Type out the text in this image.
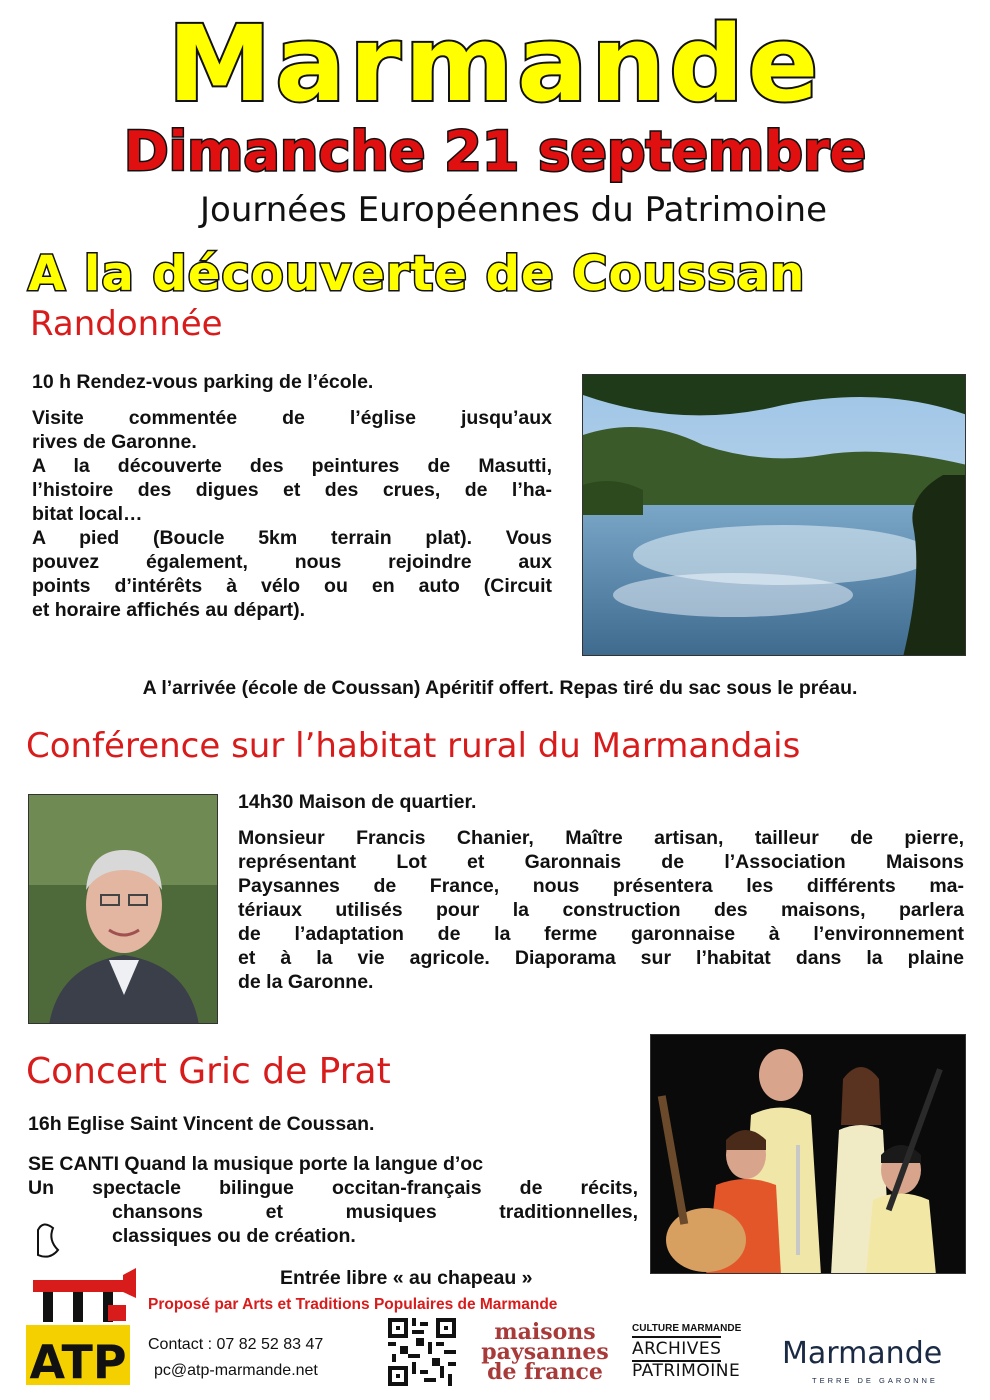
Marmande
Dimanche 21 septembre
Journées Européennes du Patrimoine
A la découverte de Coussan
Randonnée
10 h Rendez-vous parking de l’école.
Visite commentée de l’église jusqu’aux
rives de Garonne.
A la découverte des peintures de Masutti,
l’histoire des digues et des crues, de l’ha-
bitat local…
A pied (Boucle 5km terrain plat). Vous
pouvez également, nous rejoindre aux
points d’intérêts à vélo ou en auto (Circuit
et horaire affichés au départ).
A l’arrivée (école de Coussan) Apéritif offert. Repas tiré du sac sous le préau.
Conférence sur l’habitat rural du Marmandais
14h30 Maison de quartier.
Monsieur Francis Chanier, Maître artisan, tailleur de pierre,
représentant Lot et Garonnais de l’Association Maisons
Paysannes de France, nous présentera les différents ma-
tériaux utilisés pour la construction des maisons, parlera
de l’adaptation de la ferme garonnaise à l’environnement
et à la vie agricole. Diaporama sur l’habitat dans la plaine
de la Garonne.
Concert Gric de Prat
16h Eglise Saint Vincent de Coussan.
SE CANTI Quand la musique porte la langue d’oc
Un spectacle bilingue occitan-français de récits,
chansons et musiques traditionnelles,
classiques ou de création.
Entrée libre « au chapeau »
ATP
Proposé par Arts et Traditions Populaires de Marmande
Contact : 07 82 52 83 47
pc@atp-marmande.net
maisons
paysannes
de france
CULTURE MARMANDE
ARCHIVES
PATRIMOINE Marmande
TERRE DE GARONNE
